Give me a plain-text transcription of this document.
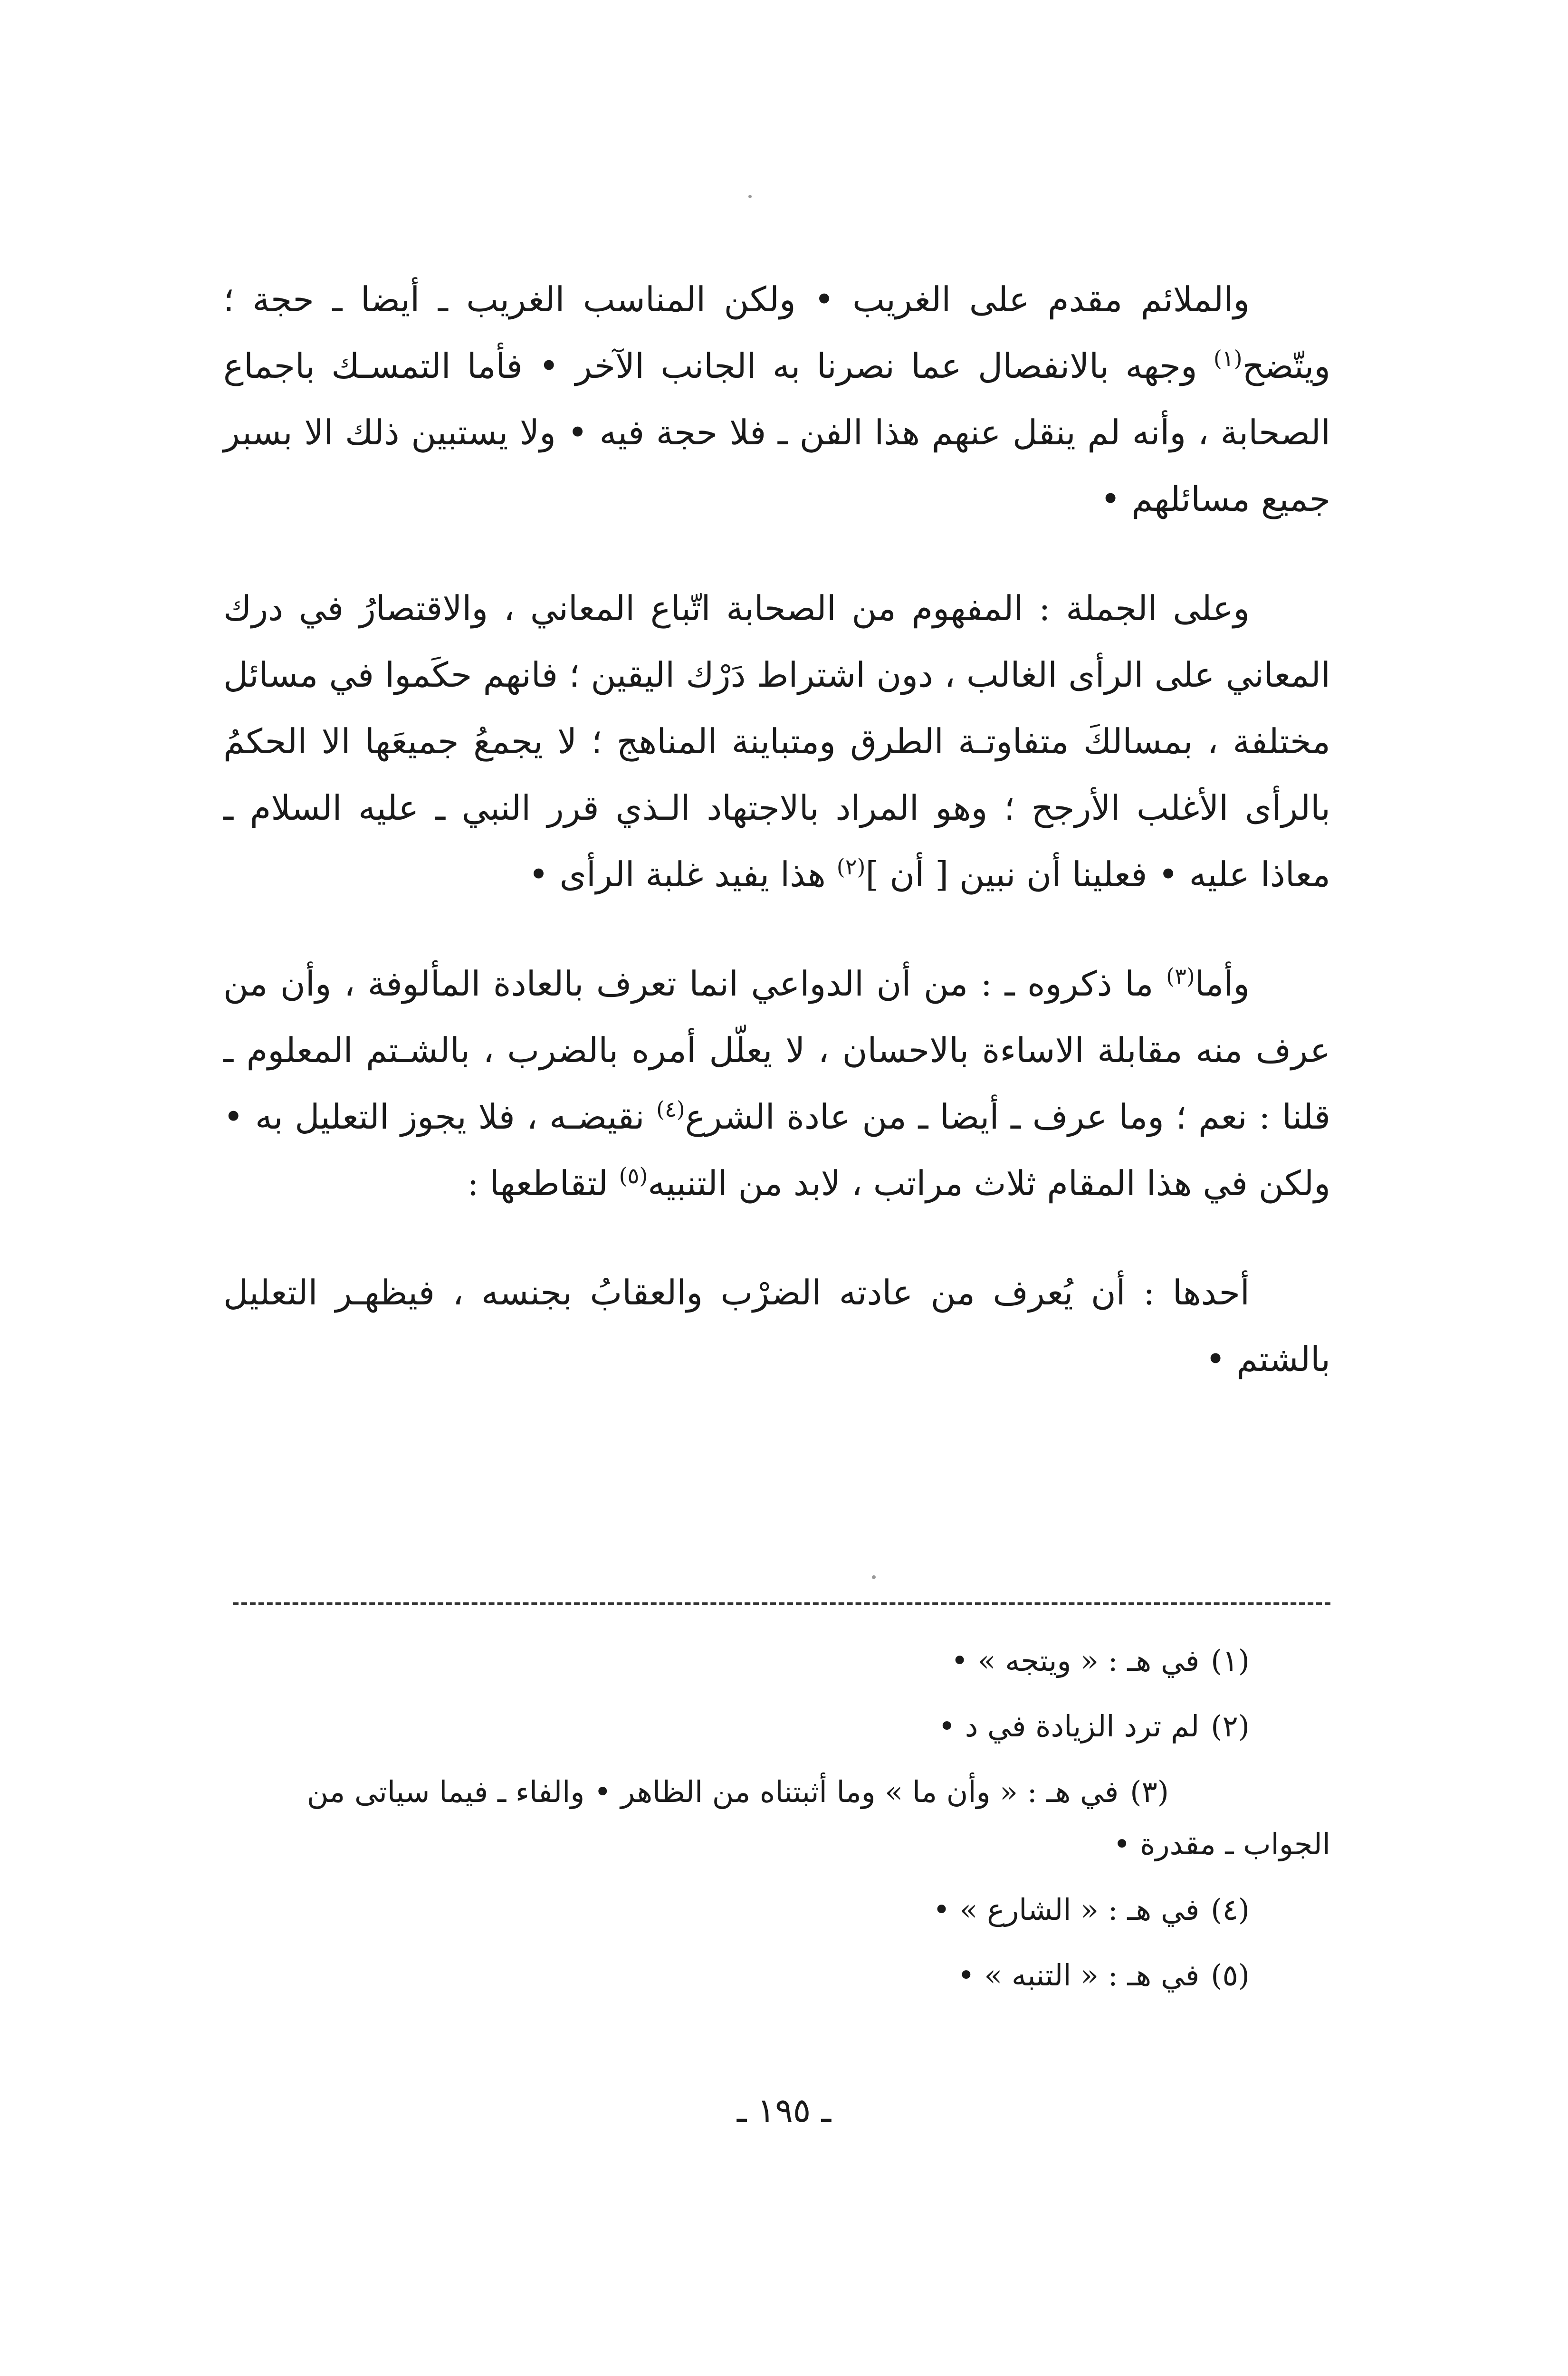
والملائم مقدم على الغريب • ولكن المناسب الغريب ـ أيضا ـ حجة ؛ ويتّضح$^{(١)}$ وجهه بالانفصال عما نصرنا به الجانب الآخر • فأما التمسـك باجماع الصحابة ، وأنه لم ينقل عنهم هذا الفن ـ فلا حجة فيه • ولا يستبين ذلك الا بسبر جميع مسائلهم •

وعلى الجملة : المفهوم من الصحابة اتّباع المعاني ، والاقتصارُ في درك المعاني على الرأى الغالب ، دون اشتراط دَرْك اليقين ؛ فانهم حكَموا في مسائل مختلفة ، بمسالكَ متفاوتـة الطرق ومتباينة المناهج ؛ لا يجمعُ جميعَها الا الحكمُ بالرأى الأغلب الأرجح ؛ وهو المراد بالاجتهاد الـذي قرر النبي ـ عليه السلام ـ معاذا عليه • فعلينا أن نبين [ أن ]$^{(٢)}$ هذا يفيد غلبة الرأى •

وأما$^{(٣)}$ ما ذكروه ـ : من أن الدواعي انما تعرف بالعادة المألوفة ، وأن من عرف منه مقابلة الاساءة بالاحسان ، لا يعلّل أمره بالضرب ، بالشـتم المعلوم ـ قلنا : نعم ؛ وما عرف ـ أيضا ـ من عادة الشرع$^{(٤)}$ نقيضـه ، فلا يجوز التعليل به • ولكن في هذا المقام ثلاث مراتب ، لابد من التنبيه$^{(٥)}$ لتقاطعها :

أحدها : أن يُعرف من عادته الضرْب والعقابُ بجنسه ، فيظهـر التعليل بالشتم •

(١)في هـ : « ويتجه » •

(٢)لم ترد الزيادة في د •

(٣)في هـ : « وأن ما » وما أثبتناه من الظاهر • والفاء ـ فيما سياتى من الجواب ـ مقدرة •

(٤)في هـ : « الشارع » •

(٥)في هـ : « التنبه » •

ـ ١٩٥ ـ
